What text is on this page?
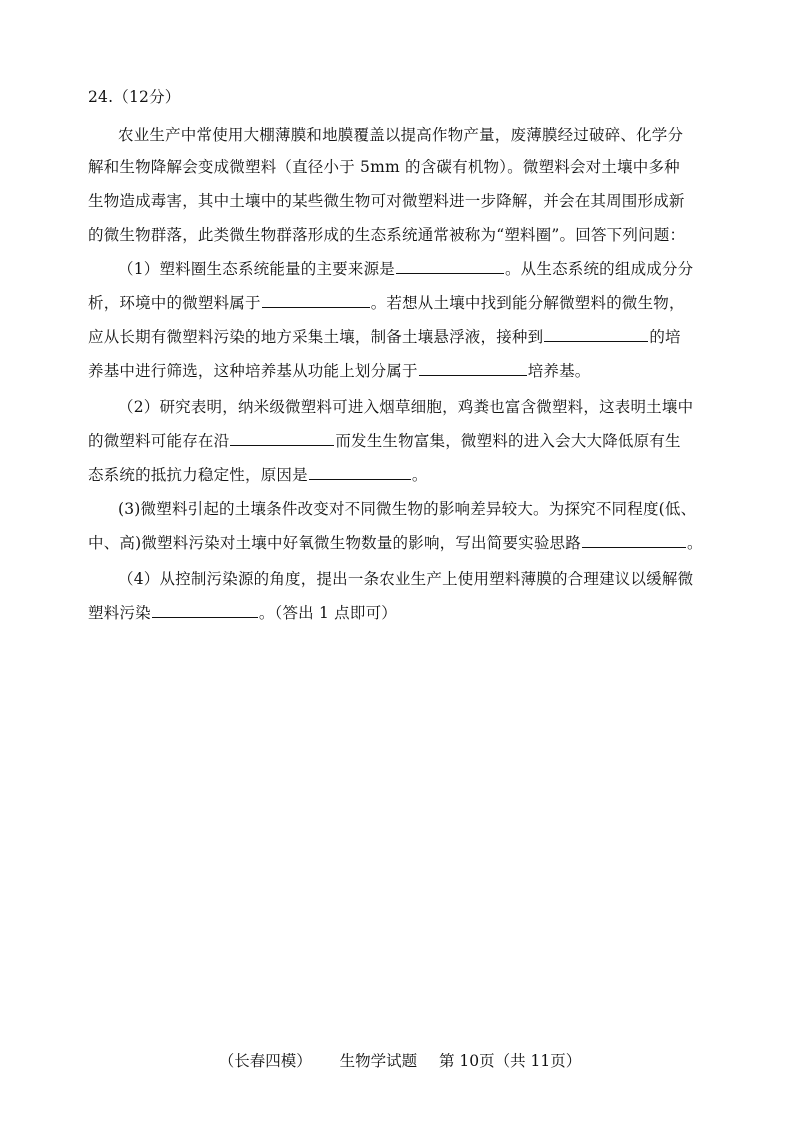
24.（12分）
农业生产中常使用大棚薄膜和地膜覆盖以提高作物产量，废薄膜经过破碎、化学分
解和生物降解会变成微塑料（直径小于 5mm 的含碳有机物）。微塑料会对土壤中多种
生物造成毒害，其中土壤中的某些微生物可对微塑料进一步降解，并会在其周围形成新
的微生物群落，此类微生物群落形成的生态系统通常被称为“塑料圈”。回答下列问题：
（1）塑料圈生态系统能量的主要来源是	。从生态系统的组成成分分
析，环境中的微塑料属于	。若想从土壤中找到能分解微塑料的微生物，
应从长期有微塑料污染的地方采集土壤，制备土壤悬浮液，接种到	的培
养基中进行筛选，这种培养基从功能上划分属于	培养基。
（2）研究表明，纳米级微塑料可进入烟草细胞，鸡粪也富含微塑料，这表明土壤中
的微塑料可能存在沿	而发生生物富集，微塑料的进入会大大降低原有生
态系统的抵抗力稳定性，原因是	。
(3)微塑料引起的土壤条件改变对不同微生物的影响差异较大。为探究不同程度(低、
中、高)微塑料污染对土壤中好氧微生物数量的影响，写出简要实验思路	。
（4）从控制污染源的角度，提出一条农业生产上使用塑料薄膜的合理建议以缓解微
塑料污染	。（答出 1 点即可）
（长春四模） 生物学试题 第 10页（共 11页）
